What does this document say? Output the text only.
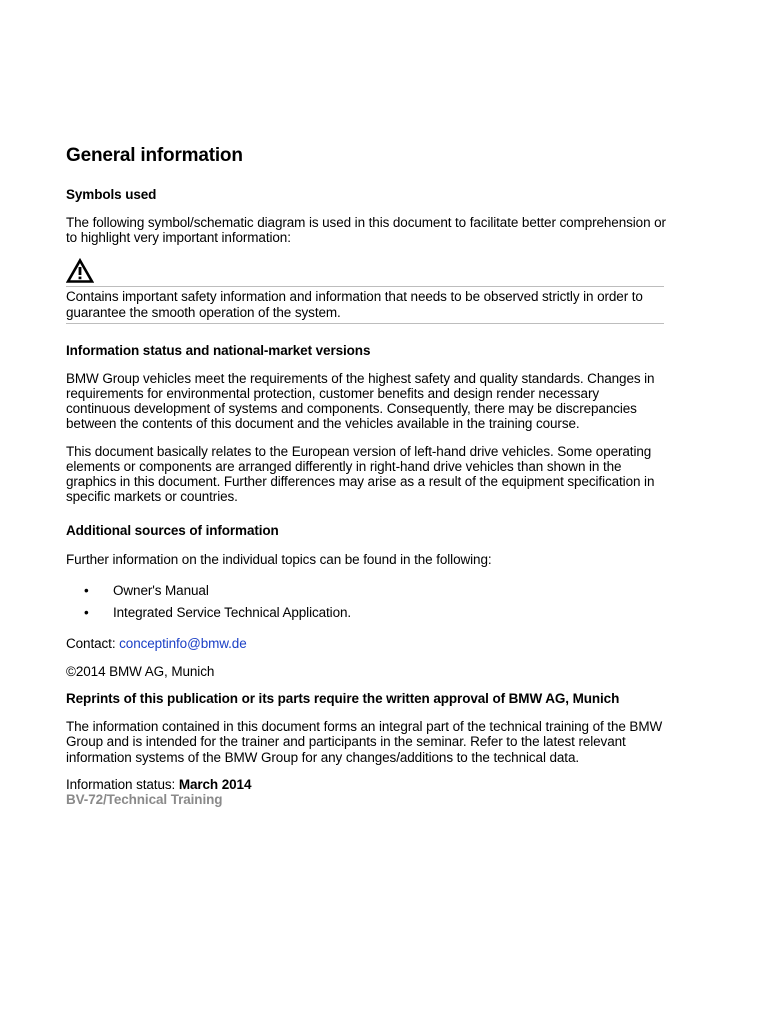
General information
Symbols used

The following symbol/schematic diagram is used in this document to facilitate better comprehension or to highlight very important information:

Contains important safety information and information that needs to be observed strictly in order to guarantee the smooth operation of the system.

Information status and national-market versions

BMW Group vehicles meet the requirements of the highest safety and quality standards. Changes in requirements for environmental protection, customer benefits and design render necessary continuous development of systems and components. Consequently, there may be discrepancies between the contents of this document and the vehicles available in the training course.

This document basically relates to the European version of left-hand drive vehicles. Some operating elements or components are arranged differently in right-hand drive vehicles than shown in the graphics in this document. Further differences may arise as a result of the equipment specification in specific markets or countries.

Additional sources of information

Further information on the individual topics can be found in the following:

• Owner's Manual
• Integrated Service Technical Application.

Contact: conceptinfo@bmw.de

©2014 BMW AG, Munich

Reprints of this publication or its parts require the written approval of BMW AG, Munich

The information contained in this document forms an integral part of the technical training of the BMW Group and is intended for the trainer and participants in the seminar. Refer to the latest relevant information systems of the BMW Group for any changes/additions to the technical data.

Information status: March 2014

BV-72/Technical Training
